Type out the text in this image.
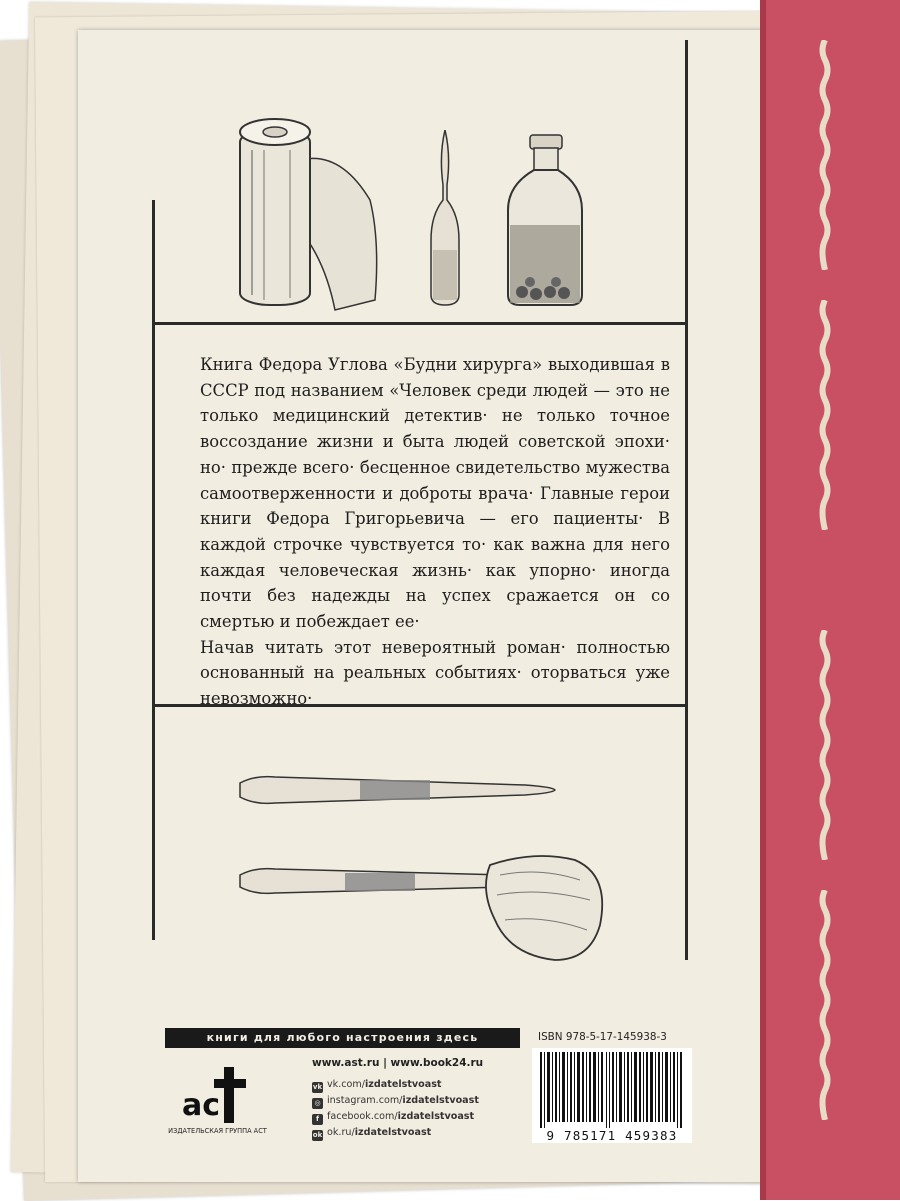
Книга Федора Углова «Будни хирурга» выходившая в СССР под названием «Человек среди людей — это не только медицинский детектив· не только точное воссоздание жизни и быта людей советской эпохи· но· прежде всего· бесценное свидетельство мужества самоотверженности и доброты врача· Главные герои книги Федора Григорьевича — его пациенты· В каждой строчке чувствуется то· как важна для него каждая человеческая жизнь· как упорно· иногда почти без надежды на успех сражается он со смертью и побеждает ее·

Начав читать этот невероятный роман· полностью основанный на реальных событиях· оторваться уже невозможно·

книги для любого настроения здесь	ISBN 978-5-17-145938-3
9 785171 459383
ac
ИЗДАТЕЛЬСКАЯ ГРУППА АСТ
www.ast.ru | www.book24.ru
vk vk.com/izdatelstvoast
◎ instagram.com/izdatelstvoast
f facebook.com/izdatelstvoast
ok ok.ru/izdatelstvoast
